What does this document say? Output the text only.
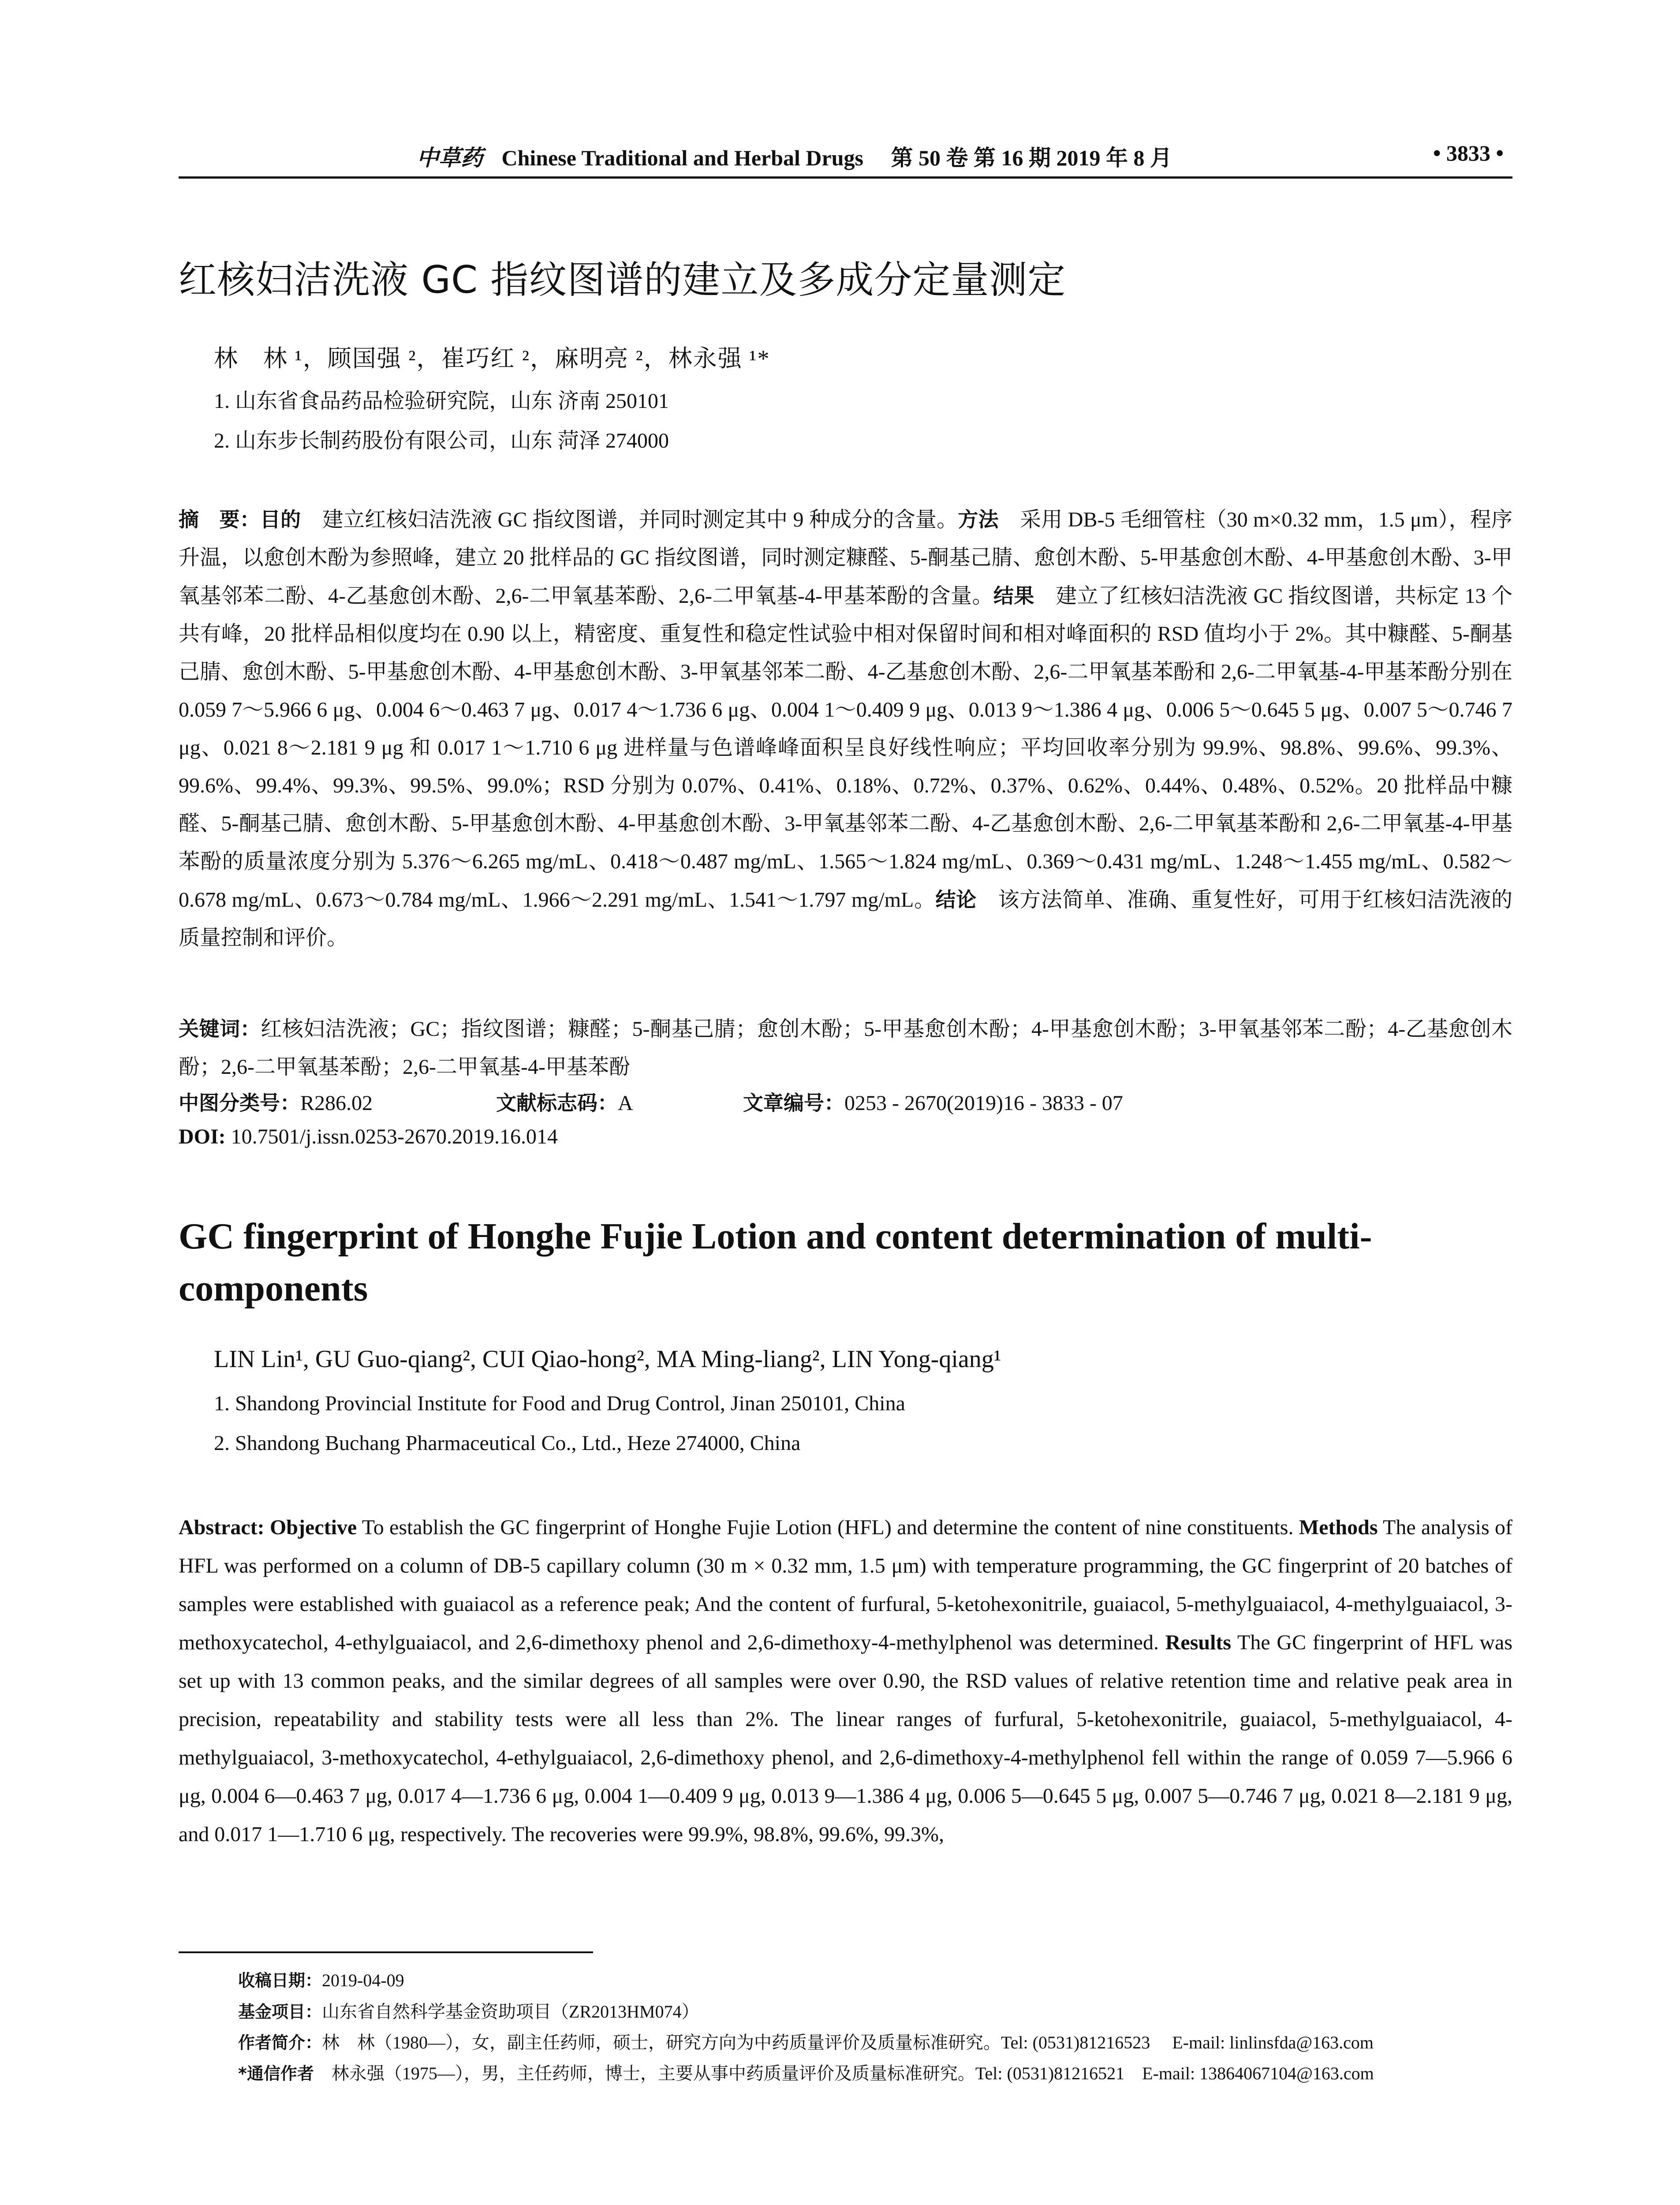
中草药 Chinese Traditional and Herbal Drugs 第 50 卷 第 16 期 2019 年 8 月	• 3833 •
红核妇洁洗液 GC 指纹图谱的建立及多成分定量测定
林　林 ¹，顾国强 ²，崔巧红 ²，麻明亮 ²，林永强 ¹*
1. 山东省食品药品检验研究院，山东 济南 250101
2. 山东步长制药股份有限公司，山东 菏泽 274000
摘　要：目的　建立红核妇洁洗液 GC 指纹图谱，并同时测定其中 9 种成分的含量。方法　采用 DB-5 毛细管柱（30 m×0.32 mm，1.5 μm），程序升温，以愈创木酚为参照峰，建立 20 批样品的 GC 指纹图谱，同时测定糠醛、5-酮基己腈、愈创木酚、5-甲基愈创木酚、4-甲基愈创木酚、3-甲氧基邻苯二酚、4-乙基愈创木酚、2,6-二甲氧基苯酚、2,6-二甲氧基-4-甲基苯酚的含量。结果　建立了红核妇洁洗液 GC 指纹图谱，共标定 13 个共有峰，20 批样品相似度均在 0.90 以上，精密度、重复性和稳定性试验中相对保留时间和相对峰面积的 RSD 值均小于 2%。其中糠醛、5-酮基己腈、愈创木酚、5-甲基愈创木酚、4-甲基愈创木酚、3-甲氧基邻苯二酚、4-乙基愈创木酚、2,6-二甲氧基苯酚和 2,6-二甲氧基-4-甲基苯酚分别在 0.059 7～5.966 6 μg、0.004 6～0.463 7 μg、0.017 4～1.736 6 μg、0.004 1～0.409 9 μg、0.013 9～1.386 4 μg、0.006 5～0.645 5 μg、0.007 5～0.746 7 μg、0.021 8～2.181 9 μg 和 0.017 1～1.710 6 μg 进样量与色谱峰峰面积呈良好线性响应；平均回收率分别为 99.9%、98.8%、99.6%、99.3%、99.6%、99.4%、99.3%、99.5%、99.0%；RSD 分别为 0.07%、0.41%、0.18%、0.72%、0.37%、0.62%、0.44%、0.48%、0.52%。20 批样品中糠醛、5-酮基己腈、愈创木酚、5-甲基愈创木酚、4-甲基愈创木酚、3-甲氧基邻苯二酚、4-乙基愈创木酚、2,6-二甲氧基苯酚和 2,6-二甲氧基-4-甲基苯酚的质量浓度分别为 5.376～6.265 mg/mL、0.418～0.487 mg/mL、1.565～1.824 mg/mL、0.369～0.431 mg/mL、1.248～1.455 mg/mL、0.582～0.678 mg/mL、0.673～0.784 mg/mL、1.966～2.291 mg/mL、1.541～1.797 mg/mL。结论　该方法简单、准确、重复性好，可用于红核妇洁洗液的质量控制和评价。
关键词：红核妇洁洗液；GC；指纹图谱；糠醛；5-酮基己腈；愈创木酚；5-甲基愈创木酚；4-甲基愈创木酚；3-甲氧基邻苯二酚；4-乙基愈创木酚；2,6-二甲氧基苯酚；2,6-二甲氧基-4-甲基苯酚
中图分类号：R286.02	文献标志码：A	文章编号：0253 - 2670(2019)16 - 3833 - 07
DOI: 10.7501/j.issn.0253-2670.2019.16.014
GC fingerprint of Honghe Fujie Lotion and content determination of multi-components
LIN Lin¹, GU Guo-qiang², CUI Qiao-hong², MA Ming-liang², LIN Yong-qiang¹
1. Shandong Provincial Institute for Food and Drug Control, Jinan 250101, China
2. Shandong Buchang Pharmaceutical Co., Ltd., Heze 274000, China
Abstract: Objective To establish the GC fingerprint of Honghe Fujie Lotion (HFL) and determine the content of nine constituents. Methods The analysis of HFL was performed on a column of DB-5 capillary column (30 m × 0.32 mm, 1.5 μm) with temperature programming, the GC fingerprint of 20 batches of samples were established with guaiacol as a reference peak; And the content of furfural, 5-ketohexonitrile, guaiacol, 5-methylguaiacol, 4-methylguaiacol, 3-methoxycatechol, 4-ethylguaiacol, and 2,6-dimethoxy phenol and 2,6-dimethoxy-4-methylphenol was determined. Results The GC fingerprint of HFL was set up with 13 common peaks, and the similar degrees of all samples were over 0.90, the RSD values of relative retention time and relative peak area in precision, repeatability and stability tests were all less than 2%. The linear ranges of furfural, 5-ketohexonitrile, guaiacol, 5-methylguaiacol, 4-methylguaiacol, 3-methoxycatechol, 4-ethylguaiacol, 2,6-dimethoxy phenol, and 2,6-dimethoxy-4-methylphenol fell within the range of 0.059 7—5.966 6 μg, 0.004 6—0.463 7 μg, 0.017 4—1.736 6 μg, 0.004 1—0.409 9 μg, 0.013 9—1.386 4 μg, 0.006 5—0.645 5 μg, 0.007 5—0.746 7 μg, 0.021 8—2.181 9 μg, and 0.017 1—1.710 6 μg, respectively. The recoveries were 99.9%, 98.8%, 99.6%, 99.3%,
收稿日期：2019-04-09
基金项目：山东省自然科学基金资助项目（ZR2013HM074）
作者简介：林　林（1980—），女，副主任药师，硕士，研究方向为中药质量评价及质量标准研究。Tel: (0531)81216523　 E-mail: linlinsfda@163.com
*通信作者　林永强（1975—），男，主任药师，博士，主要从事中药质量评价及质量标准研究。Tel: (0531)81216521　E-mail: 13864067104@163.com
